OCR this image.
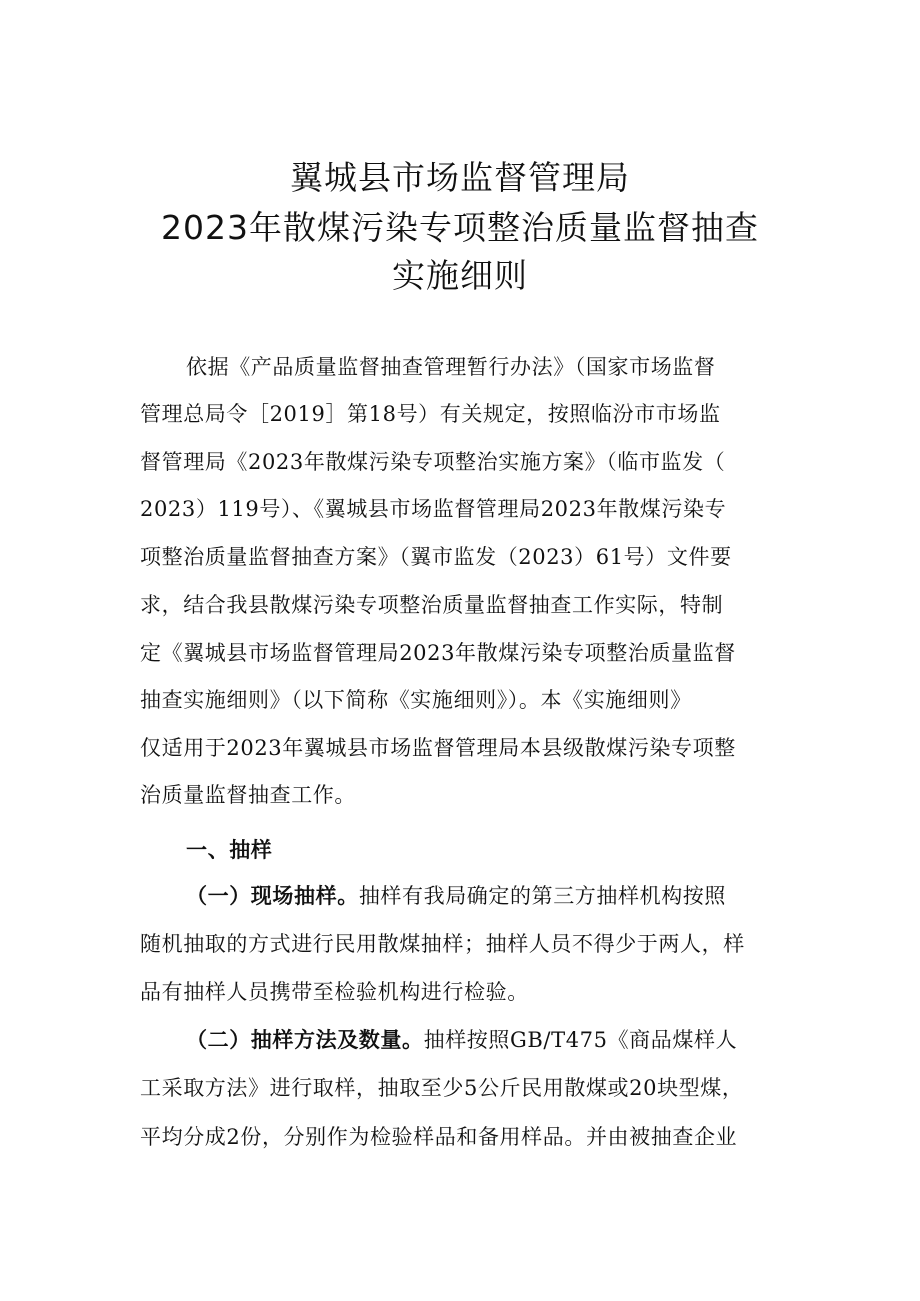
翼城县市场监督管理局
2023年散煤污染专项整治质量监督抽查
实施细则
依据《产品质量监督抽查管理暂行办法》（国家市场监督
管理总局令［2019］第18号）有关规定，按照临汾市市场监
督管理局《2023年散煤污染专项整治实施方案》（临市监发（
2023）119号）、《翼城县市场监督管理局2023年散煤污染专
项整治质量监督抽查方案》（翼市监发（2023）61号）文件要
求，结合我县散煤污染专项整治质量监督抽查工作实际，特制
定《翼城县市场监督管理局2023年散煤污染专项整治质量监督
抽查实施细则》（以下简称《实施细则》）。本《实施细则》
仅适用于2023年翼城县市场监督管理局本县级散煤污染专项整
治质量监督抽查工作。
一、抽样
（一）现场抽样。抽样有我局确定的第三方抽样机构按照
随机抽取的方式进行民用散煤抽样；抽样人员不得少于两人，样
品有抽样人员携带至检验机构进行检验。
（二）抽样方法及数量。抽样按照GB/T475《商品煤样人
工采取方法》进行取样，抽取至少5公斤民用散煤或20块型煤，
平均分成2份，分别作为检验样品和备用样品。并由被抽查企业
